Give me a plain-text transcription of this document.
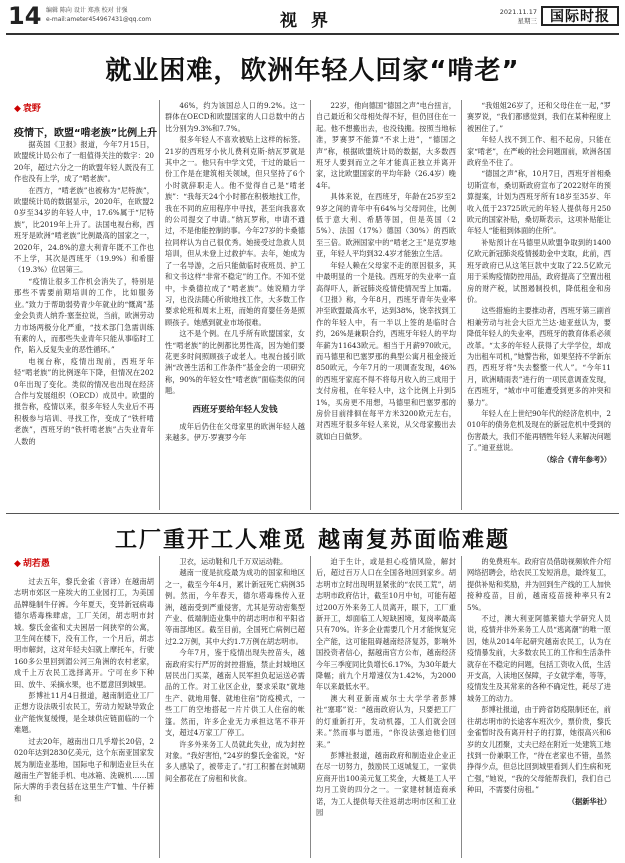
14 编辑 陈向 设计 郑燕 校对 甘强
e-mail:ameter454967431@qq.com	视 界	2021.11.17
星期三 国际时报
就业困难，欧洲年轻人回家“啃老”
◆ 袁野
疫情下，欧盟“啃老族”比例上升

据英国《卫报》报道，今年7月15日，欧盟统计局公布了一组值得关注的数字：2020年，超过六分之一的欧盟年轻人既没有工作也没有上学，成了“啃老族”。

在西方，“啃老族”也被称为“尼特族”，欧盟统计局的数据显示，2020年，在欧盟20岁至34岁的年轻人中，17.6%属于“尼特族”，比2019年上升了。法国电视台称，西班牙是欧洲“啃老族”比例最高的国家之一，2020年，24.8%的意大利青年既不工作也不上学，其次是西班牙（19.9%）和希腊（19.3%）位居第三。

“疫情让很多工作机会消失了，特别是那些不需要前期培训的工作，比如服务业。”致力于帮助弱势青少年就业的“慨离”基金会负责人纳乔·塞奎拉说，当前，欧洲劳动力市场两极分化严重，“技术部门急需训练有素的人，而那些失业青年只能从事临时工作，陷入反复失业的恶性循环。”

电视台称，疫情出现前，西班牙年轻“啃老族”的比例逐年下降，但情况在2020年出现了变化。类似的情况也出现在经济合作与发展组织（OECD）成员中。欧盟的报告称，疫情以来，很多年轻人失业后不再积极参与培训、寻找工作，变成了“铁杆啃老族”，西班牙的“铁杆啃老族”占失业青年人数的

46%，约为该国总人口的9.2%。这一群体在OECD和欧盟国家的人口总数中的占比分别为9.3%和7.7%。

很多年轻人不喜欢被贴上这样的标签。21岁的西班牙小伙儿费利克斯·纳瓦罗就是其中之一。他只有中学文凭，干过的最后一份工作是在建筑相关领域，但只坚持了6个小时就辞职走人。他不觉得自己是“啃老族”：“我每天24个小时都在积极地找工作，我在不同的应用程序中寻找，甚至向我喜欢的公司提交了申请。”纳瓦罗称，申请不通过，不是他能控制的事。今年27岁的卡桑德拉同样认为自己很优秀。她接受过急救人员培训，但从未登上过救护车。去年，她成为了一名导游，之后只能做临时夜班员、护工和文书这样“非常不稳定”的工作。不知不觉中，卡桑德拉成了“啃老族”。她说精力学习，也没法随心所欲地找工作，大多数工作要求轮班和周末上班，而她的育婴任务是照顾孩子。她感到就业市场很难。

这不是个例。在几乎所有欧盟国家，女性“啃老族”的比例都比男性高，因为她们要花更多时间照顾孩子或老人。电视台援引欧洲“改善生活和工作条件”基金会的一项研究称，90%的年轻女性“啃老族”面临类似的问题。

西班牙要给年轻人发钱

成年后仍住在父母家里的欧洲年轻人越来越多。伊万·罗赛罗今年

22岁，他向德国“德国之声”电台扭言，自己最近和父母相处得不好，但仍回住在一起。他不想搬出去，也没钱搬。按照当地标准，罗赛罗不能算“不求上进”，“德国之声”称，根据欧盟统计局的数据，大多数西班牙人要到而立之年才能真正独立并离开家，这比欧盟国家的平均年龄（26.4岁）晚4年。

具体来说，在西班牙，年龄在25岁至29岁之间的青年中有64%与父母同住，比例低于意大利、希腊等国，但是英国（25%）、法国（17%）德国（30%）的西欧至三倍。欧洲国家中的“啃老之王”是克罗地亚，年轻人平均到32.4岁才能独立生活。

年轻人赖在父母家不走的原因很多，其中最明显的一个是钱。西班牙的失业率一直高得吓人，新冠肺炎疫情使情况雪上加霜。《卫报》称，今年8月，西班牙青年失业率冲至欧盟最高水平，达到38%，饶幸找到工作的年轻人中，有一半以上签的是临时合约，26%是兼职合约，西班牙年轻人的平均年薪为11643欧元。相当于月薪970欧元，而马德里和巴塞罗那的典型公寓月租金接近850欧元，今年7月的一项调查发现，46%的西班牙家庭不得不将每月收入的三成用于支付房租，在年轻人中，这个比例上升到51%，买房更不用想，马德里和巴塞罗那的房价目前徘徊在每平方米3200欧元左右，对西班牙很多年轻人来说，从父母家搬出去就如白日做梦。

“我姐姐26岁了，还和父母住在一起，”罗赛罗说，“我们都感觉到，我们在某种程度上被困住了。”

年轻人找不到工作、租不起房，只能在家“啃老”，在严峻的社会问题面前，欧洲各国政府坐不住了。

“德国之声”称，10月7日，西班牙首相桑切斯宣布，桑切斯政府宣布了2022财年的预算提案，计划为西班牙所有18岁至35岁、年收入低于23725欧元的年轻人提供每月250欧元的国家补贴，桑切斯表示，这项补贴能让年轻人“能租到体面的住所”。

补贴预计在马德里从欧盟争取到的1400亿欧元新冠肺炎疫情援助金中支取，此前，西班牙政府已从这笔巨款中支取了22.5亿欧元用于采购疫情防控用品，政府提高了空置出租房的财产税，试图遏制投机，降低租金和房价。

这些措施的主要推动者，西班牙第三副首相兼劳动与社会大臣尤兰达·迪亚兹认为，要降低年轻人的失业率，西班牙的教育体系必须改革。“太多的年轻人获得了大学学位，却成为出租车司机，”她警告称，如果坚持不学新东西，西班牙将“失去整整一代人”。“今年11月，欧洲晴雨表”进行的一项民意调查发现，在西班牙，“城市中可能遭受到更多的冲突和暴力”。

年轻人在上世纪90年代的经济危机中，2010年的债务危机及现在的新冠危机中受到的伤害最大，我们不能再牺牲年轻人来解决问题了。”迪亚兹说。

（综合《青年参考》）
工厂重开工人难觅 越南复苏面临难题
◆ 胡若愚

过去五年，黎氏金雀（音译）在越南胡志明市郊区一座埃大的工业园打工，为美国品牌缝制牛仔裤。今年夏天，变异新冠病毒德尔塔毒株肆虐，工厂关闭，胡志明市封城。黎氏金雀和丈夫困居一间狭窄的公寓，卫生间在楼下，没有工作，一个月后，胡志明市解封，这对年轻夫妇就上摩托车，行驶160多公里回到湄公河三角洲的农村老家，成千上万农民工选择离开。宁可在乡下种田、放牛、采摘水果，也不愿意回到城里。

彭博社11月4日报道，越南制造业工厂正想方设法吸引农民工，劳动力短缺导致企业产能恢复缓慢，是全球供应链面临的一个难题。

过去20年，越南出口几乎增长20倍，2020年达到2830亿美元，这个东南亚国家发展为制造业基地，国际电子和制造业巨头在越南生产智能手机、电冰箱、洗碗机……国际大牌的手表包括在这里生产T恤、牛仔裤和

卫衣，运动鞋和几千万双运动鞋。

越南一度是抗疫最为成功的国家和地区之一，截至今年4月，累计新冠死亡病例35例。然而，今年春天，德尔塔毒株传入亚洲，越南受到严重侵害，尤其是劳动密集型产业、低端制造业集中的胡志明市和平阳省等南部地区。截至目前，全国死亡病例已超过2.2万例，其中大约1.7万例在胡志明市。

今年7月，鉴于疫情出现失控苗头，越南政府实行严厉的封控措施，禁止封城地区居民出门买菜，越南人民军担负起运送必需品的工作。对工业区企业，要求采取“就地生产、就地用餐、就地住宿”防疫模式，一些工厂的空地搭起一片片供工人住宿的帐篷。然而，许多企业无力承担这笔不菲开支，超过4万家工厂停工。

许多外来务工人员就此失业，成为封控对象。“我好害怕，”24岁的黎氏金雀说，“好多人感染了，被带走了。”打工积蓄在封城期间全都花在了房租和伙食。

迫于生计，或是担心疫情风险，解封后，超过百万人口在全国各地回到家乡。胡志明市立时出现明显紧张的“农民工荒”，胡志明市政府估计，截至10月中旬，可能有超过200万外来务工人员离开，眼下，工厂重新开工，却面临工人短缺困境，复岗率最高只有70%。许多企业需要几个月才能恢复完全产能，这可能阻碍越南经济复苏，影响外国投资者信心，据越南官方公布，越南经济今年三季度同比负增长6.17%，为30年最大降幅；前九个月增速仅为1.42%，为2000年以来最低水平。

澳大利亚新南威尔士大学学者彭博社“塞耶”说：“越南政府认为，只要把工厂的灯重新打开，发动机器，工人们就会回来。”然而事与愿违，“你没法强迫他们回来。”

彭博社报道，越南政府和制造业企业正在尽一切努力，鼓励民工返城复工，一家供应商开出100美元复工奖金，大概是工人平均月工资的四分之一。一家建材制造商承诺，为工人提供每天往返胡志明市区和工业园

的免费班车。政府官员借助视频软件介绍网络招聘会，给农民工发短消息，最终复工，提供补贴和奖励，并为回到生产线的工人加快接种疫苗，目前，越南疫苗接种率只有25%。

不过，澳大利亚阿德莱德大学研究人员说，疫情并非外来务工人员“逃离潮”的唯一原因，她从2014年起研究越南农民工，认为在疫情暴发前，大多数农民工的工作和生活条件就存在不稳定的问题，包括工资收入低，生活开支高，入读地区保障，子女就学难，等等，疫情发生及其常来的各种不确定性，耗尽了进城务工的动力。

彭博社报道，由于跨省防疫限制还在，前往胡志明市的长途客车班次少，票价贵，黎氏金雀暂时没有离开村子的打算，她很高兴和6岁的女儿团聚，丈夫已经在附近一处建筑工地找到一份兼职工作，“待在老家也不错，虽然挣得少点，但总比回到城里看到人们生病和死亡强，”她说，“我的父母能帮我们，我们自己种田，不需要付房租。”

（据新华社）
